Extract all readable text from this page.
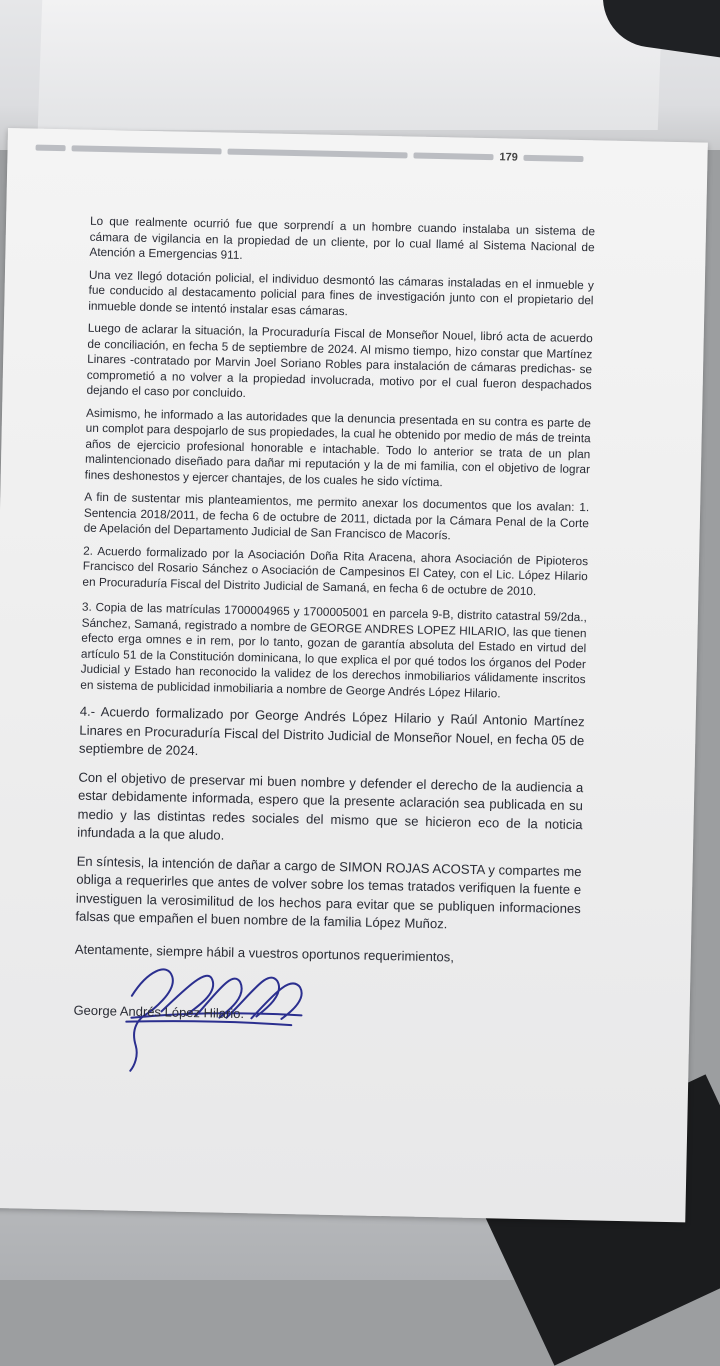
179

Lo que realmente ocurrió fue que sorprendí a un hombre cuando instalaba un sistema de cámara de vigilancia en la propiedad de un cliente, por lo cual llamé al Sistema Nacional de Atención a Emergencias 911.

Una vez llegó dotación policial, el individuo desmontó las cámaras instaladas en el inmueble y fue conducido al destacamento policial para fines de investigación junto con el propietario del inmueble donde se intentó instalar esas cámaras.

Luego de aclarar la situación, la Procuraduría Fiscal de Monseñor Nouel, libró acta de acuerdo de conciliación, en fecha 5 de septiembre de 2024. Al mismo tiempo, hizo constar que Martínez Linares -contratado por Marvin Joel Soriano Robles para instalación de cámaras predichas- se comprometió a no volver a la propiedad involucrada, motivo por el cual fueron despachados dejando el caso por concluido.

Asimismo, he informado a las autoridades que la denuncia presentada en su contra es parte de un complot para despojarlo de sus propiedades, la cual he obtenido por medio de más de treinta años de ejercicio profesional honorable e intachable. Todo lo anterior se trata de un plan malintencionado diseñado para dañar mi reputación y la de mi familia, con el objetivo de lograr fines deshonestos y ejercer chantajes, de los cuales he sido víctima.

A fin de sustentar mis planteamientos, me permito anexar los documentos que los avalan: 1. Sentencia 2018/2011, de fecha 6 de octubre de 2011, dictada por la Cámara Penal de la Corte de Apelación del Departamento Judicial de San Francisco de Macorís.

2. Acuerdo formalizado por la Asociación Doña Rita Aracena, ahora Asociación de Pipioteros Francisco del Rosario Sánchez o Asociación de Campesinos El Catey, con el Lic. López Hilario en Procuraduría Fiscal del Distrito Judicial de Samaná, en fecha 6 de octubre de 2010.

3. Copia de las matrículas 1700004965 y 1700005001 en parcela 9-B, distrito catastral 59/2da., Sánchez, Samaná, registrado a nombre de GEORGE ANDRES LOPEZ HILARIO, las que tienen efecto erga omnes e in rem, por lo tanto, gozan de garantía absoluta del Estado en virtud del artículo 51 de la Constitución dominicana, lo que explica el por qué todos los órganos del Poder Judicial y Estado han reconocido la validez de los derechos inmobiliarios válidamente inscritos en sistema de publicidad inmobiliaria a nombre de George Andrés López Hilario.

4.- Acuerdo formalizado por George Andrés López Hilario y Raúl Antonio Martínez Linares en Procuraduría Fiscal del Distrito Judicial de Monseñor Nouel, en fecha 05 de septiembre de 2024.

Con el objetivo de preservar mi buen nombre y defender el derecho de la audiencia a estar debidamente informada, espero que la presente aclaración sea publicada en su medio y las distintas redes sociales del mismo que se hicieron eco de la noticia infundada a la que aludo.

En síntesis, la intención de dañar a cargo de SIMON ROJAS ACOSTA y compartes me obliga a requerirles que antes de volver sobre los temas tratados verifiquen la fuente e investiguen la verosimilitud de los hechos para evitar que se publiquen informaciones falsas que empañen el buen nombre de la familia López Muñoz.

Atentamente, siempre hábil a vuestros oportunos requerimientos,
George Andrés López Hilario.
